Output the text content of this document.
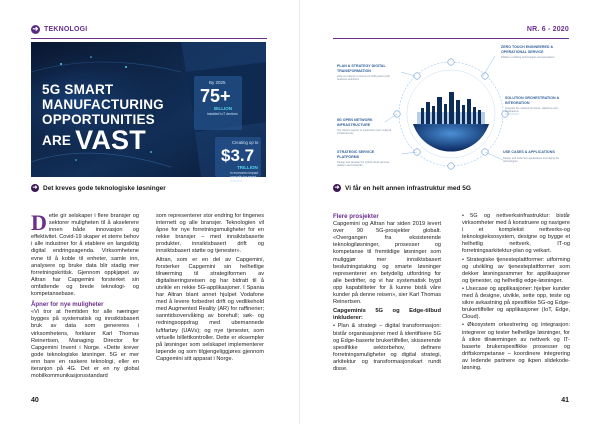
➜ TEKNOLOGI
5G SMART
MANUFACTURING
OPPORTUNITIES
ARE VAST
By 2025
75+
BILLION
installed IoT devices
Creating up to
$3.7
TRILLION
in economic impact
annually for smart factories
➜ Det kreves gode teknologiske løsninger

Dette gir selskaper i flere bransjer og sektorer muligheten til å akselerere innen både innovasjon og effektivitet. Covid-19 skaper et sterre behov i alle industrier for å etablere en langsiktig digital endringsagenda. Virksomhetene evne til å koble til enheter, samle inn, analysere og bruke data blir stadig mer forretningskritisk. Gjennom oppkjøpet av Altran har Capgemini forsterket sin omfattende og brede teknologi- og kompetansebase.

Åpner for nye muligheter

«Vi tror at fremtiden for alle næringer bygges på systematisk og innsiktsbasert bruk av data som genereres i virksomhetens, forklarer Karl Thomas Reinertsen, Managing Director for Capgemini Invent i Norge. «Dette krever gode teknologiske løsninger. 5G er mer enn bare en raskere teknologi, eller en iteranjon på 4G. Det er en ny global mobilkommunikasjonsstandard

som representerer stor endring for tingenes internett og alle bransjer. Teknologien vil åpne for nye forretningsmuligheter for en rekke bransjer – med innsiktsbaserte produkter, innsiktsbasert drift og innsiktsbasert støtte og tjenester».

Altran, som er en del av Capgemini, forsterker Capgemini sin helhetlige tilnærming til strategiformen av digitaliseringsreisen og har bidratt til å utvikle en rekke 5G-applikasjoner. I Spania har Altran blant annet hjulpet Vodafone med å levere forbedret drift og vedlikehold med Augmented Reality (AR) for raffinerier; sanntidsovervåking av borehull; søk- og redningsoppdrag med ubemannede luftfartøy (UAVs); og nye tjenester, som virtuelle billettkontroller. Dette er eksempler på løsninger som selskapet implementerer løpende og som tilgjengeliggjøres gjennom Capgemini sitt apparat i Norge.

40
NR. 6 - 2020
PLAN & STRATEGY DIGITAL TRANSFORMATION
Help our clients to connect to shift perfect with business ambitions
5G OPEN NETWORK INFRASTRUCTURE
Our client's support to implement open network infrastructures
STRATEGIC SERVICE PLATFORMS
Design and develop the hybrid cloud services platform and networks
ZERO TOUCH ENGINEERED & OPERATIONAL SERVICE
Platform enabling technologies and operations
SOLUTION ORCHESTRATION & INTEGRATION
Integrate the network functions, platforms and applications
USE CASES & APPLICATIONS
Design and build new applications leveraging 5G technologies
➜ Vi får en helt annen infrastruktur med 5G
Flere prosjekter

Capgemini og Altran har siden 2019 levert over 90 5G-prosjekter globalt. «Overgangen fra eksisterende teknologiløsninger, prosesser og kompetanse til fremtidige løsninger som muliggjør mer innsiktsbasert beslutningstaking og smarte løsninger representerer en betydelig utfordring for alle bedrifter, og vi har systematisk bygd opp kapabiliteter for å kunne bistå våre kunder på denne reisen», sier Karl Thomas Reinertsen.

Capgeminis 5G og Edge-tilbud inkluderer:

• Plan & strategi – digital transformasjon: bistår organisasjoner med å identifisere 5G og Edge-baserte brukertilfeller, skisserende spesifikke sektorbehov, definere forretningsmuligheter og digital strategi, arkitektur og transformasjonskart rundt disse.

• 5G og nettverksinfrastruktur: bistår virksomheter med å konstruere og navigere i et komplekst nettverks-og teknologieksosystem, designe og bygge et helhetlig nettverk, IT-og forretningsarkitektur-plan og veikart.

• Strategiske tjenesteplattformer: utforming og utvikling av tjenesteplattformer som dekker løsningsrammer for applikasjoner og tjenester, og helhetlig edge-løsninger.

• Usecase og applikasjoner: hjelper kunder med å designe, utvikle, sette opp, teste og sikre avkastning på spesifikke 5G-og Edge-brukertilfeller og applikasjoner (IoT, Edge, Cloud).

• Økosystem orkestrering og integrasjon: integrerer og tester helhetlige løsninger, for å sikre tilnærmingen av nettverk og IT-baserte brukerspesifikke prosesser og driftskompetanse – koordinere integrering av ledende partnere og ikpen slidekode-løsning.

41
